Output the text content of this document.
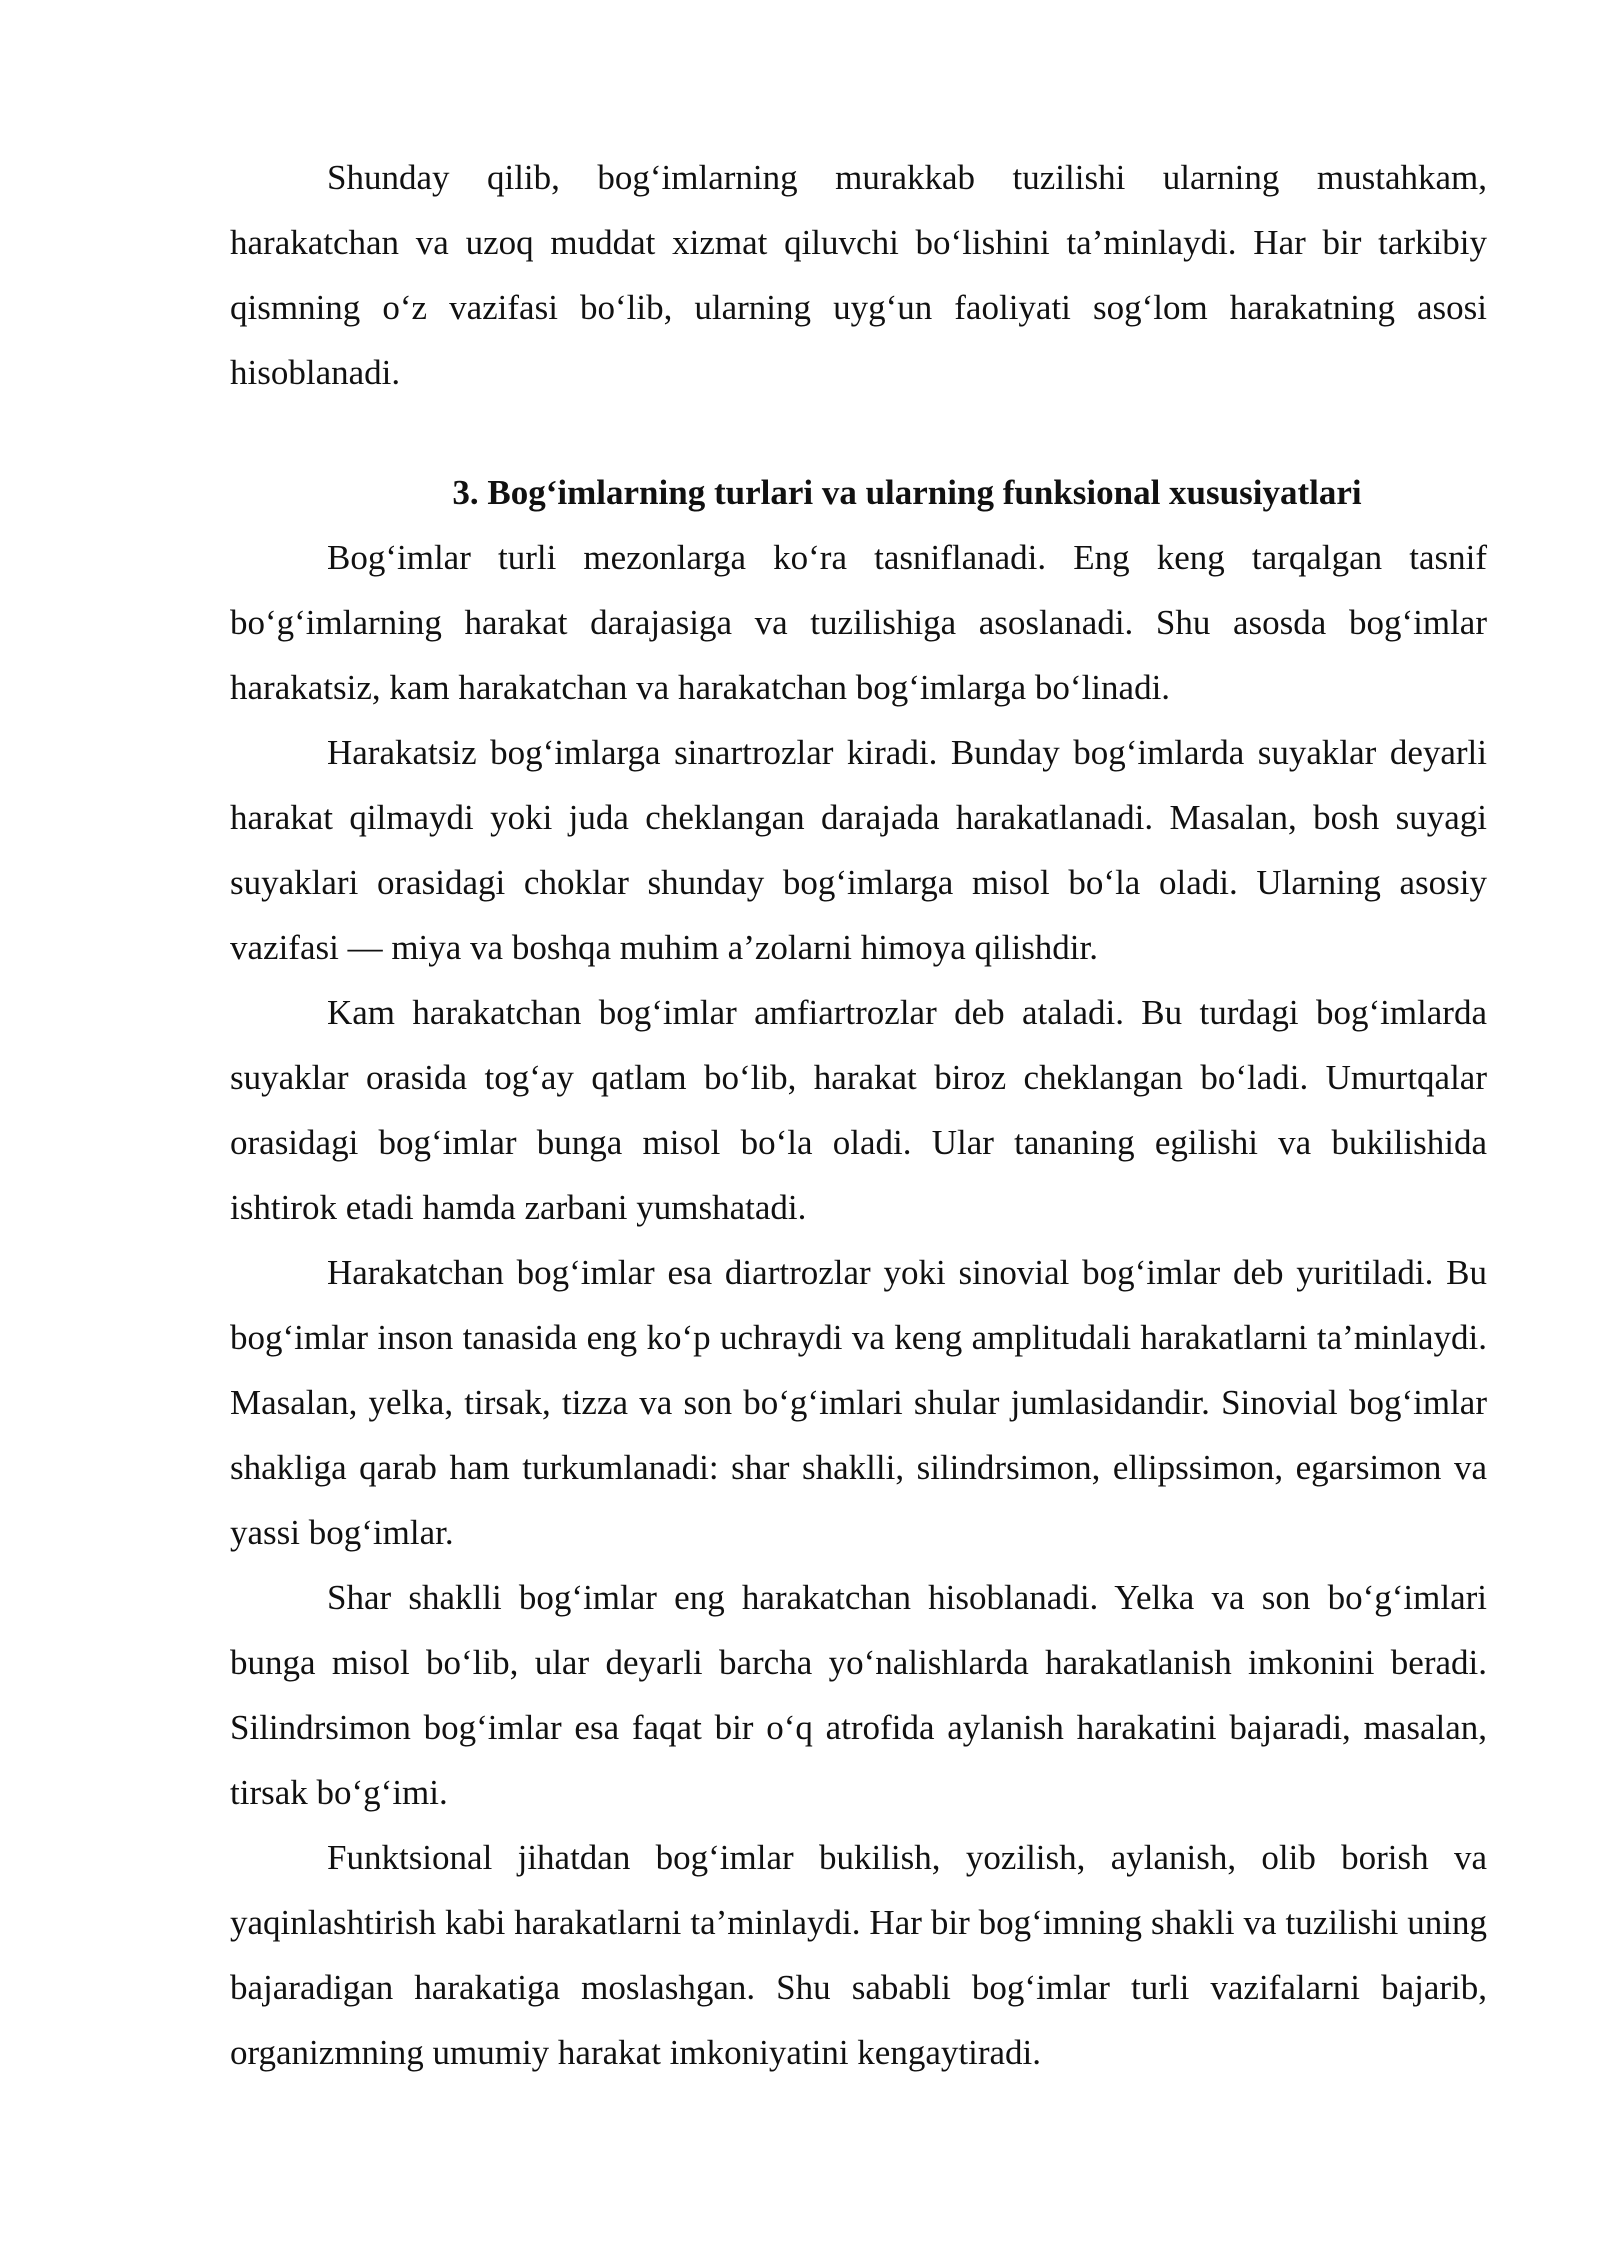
Shunday qilib, bog‘imlarning murakkab tuzilishi ularning mustahkam, harakatchan va uzoq muddat xizmat qiluvchi bo‘lishini ta’minlaydi. Har bir tarkibiy qismning o‘z vazifasi bo‘lib, ularning uyg‘un faoliyati sog‘lom harakatning asosi hisoblanadi.

3. Bog‘imlarning turlari va ularning funksional xususiyatlari

Bog‘imlar turli mezonlarga ko‘ra tasniflanadi. Eng keng tarqalgan tasnif bo‘g‘imlarning harakat darajasiga va tuzilishiga asoslanadi. Shu asosda bog‘imlar harakatsiz, kam harakatchan va harakatchan bog‘imlarga bo‘linadi.

Harakatsiz bog‘imlarga sinartrozlar kiradi. Bunday bog‘imlarda suyaklar deyarli harakat qilmaydi yoki juda cheklangan darajada harakatlanadi. Masalan, bosh suyagi suyaklari orasidagi choklar shunday bog‘imlarga misol bo‘la oladi. Ularning asosiy vazifasi — miya va boshqa muhim a’zolarni himoya qilishdir.

Kam harakatchan bog‘imlar amfiartrozlar deb ataladi. Bu turdagi bog‘imlarda suyaklar orasida tog‘ay qatlam bo‘lib, harakat biroz cheklangan bo‘ladi. Umurtqalar orasidagi bog‘imlar bunga misol bo‘la oladi. Ular tananing egilishi va bukilishida ishtirok etadi hamda zarbani yumshatadi.

Harakatchan bog‘imlar esa diartrozlar yoki sinovial bog‘imlar deb yuritiladi. Bu bog‘imlar inson tanasida eng ko‘p uchraydi va keng amplitudali harakatlarni ta’minlaydi. Masalan, yelka, tirsak, tizza va son bo‘g‘imlari shular jumlasidandir. Sinovial bog‘imlar shakliga qarab ham turkumlanadi: shar shaklli, silindrsimon, ellipssimon, egarsimon va yassi bog‘imlar.

Shar shaklli bog‘imlar eng harakatchan hisoblanadi. Yelka va son bo‘g‘imlari bunga misol bo‘lib, ular deyarli barcha yo‘nalishlarda harakatlanish imkonini beradi. Silindrsimon bog‘imlar esa faqat bir o‘q atrofida aylanish harakatini bajaradi, masalan, tirsak bo‘g‘imi.

Funktsional jihatdan bog‘imlar bukilish, yozilish, aylanish, olib borish va yaqinlashtirish kabi harakatlarni ta’minlaydi. Har bir bog‘imning shakli va tuzilishi uning bajaradigan harakatiga moslashgan. Shu sababli bog‘imlar turli vazifalarni bajarib, organizmning umumiy harakat imkoniyatini kengaytiradi.
